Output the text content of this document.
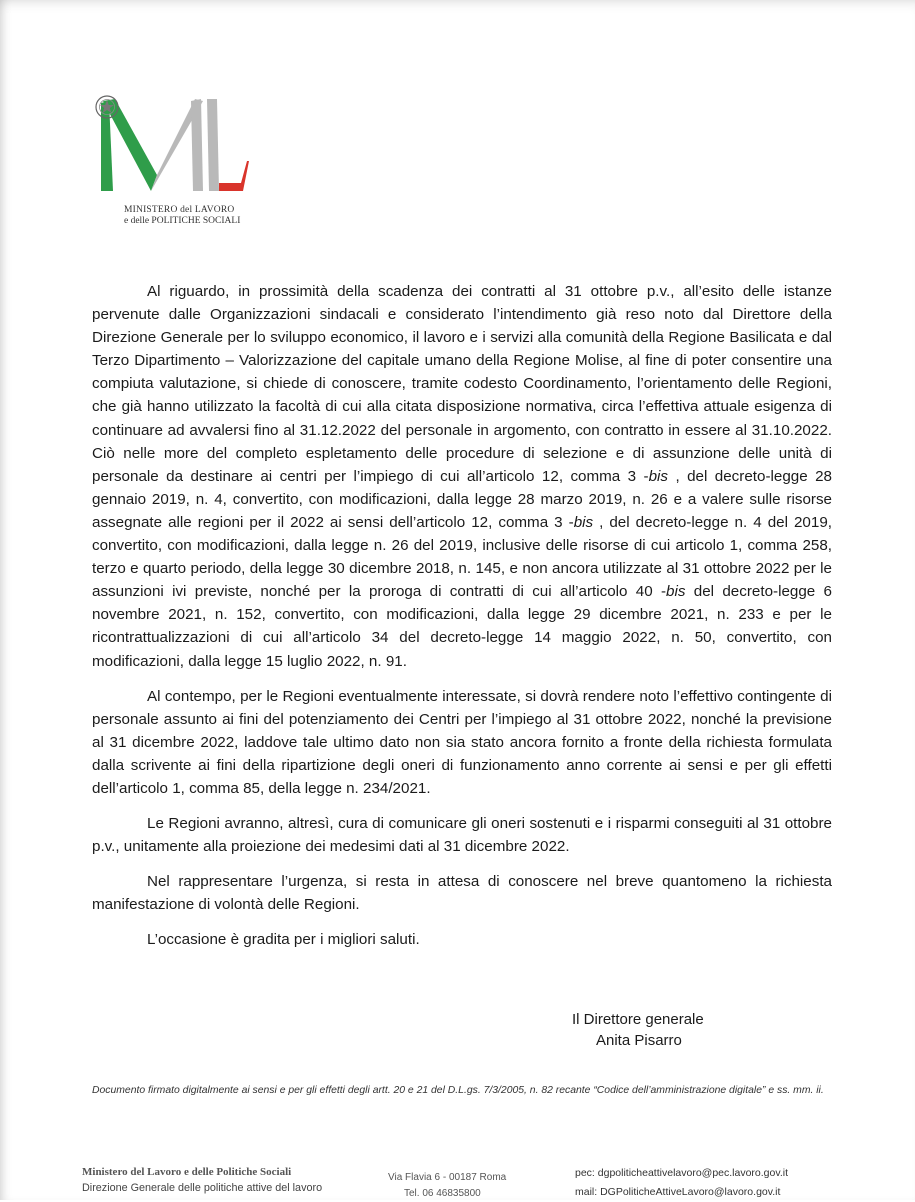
MINISTERO del LAVORO
e delle POLITICHE SOCIALI

Al riguardo, in prossimità della scadenza dei contratti al 31 ottobre p.v., all’esito delle istanze pervenute dalle Organizzazioni sindacali e considerato l’intendimento già reso noto dal Direttore della Direzione Generale per lo sviluppo economico, il lavoro e i servizi alla comunità della Regione Basilicata e dal Terzo Dipartimento – Valorizzazione del capitale umano della Regione Molise, al fine di poter consentire una compiuta valutazione, si chiede di conoscere, tramite codesto Coordinamento, l’orientamento delle Regioni, che già hanno utilizzato la facoltà di cui alla citata disposizione normativa, circa l’effettiva attuale esigenza di continuare ad avvalersi fino al 31.12.2022 del personale in argomento, con contratto in essere al 31.10.2022. Ciò nelle more del completo espletamento delle procedure di selezione e di assunzione delle unità di personale da destinare ai centri per l’impiego di cui all’articolo 12, comma 3 -bis , del decreto-legge 28 gennaio 2019, n. 4, convertito, con modificazioni, dalla legge 28 marzo 2019, n. 26 e a valere sulle risorse assegnate alle regioni per il 2022 ai sensi dell’articolo 12, comma 3 -bis , del decreto-legge n. 4 del 2019, convertito, con modificazioni, dalla legge n. 26 del 2019, inclusive delle risorse di cui articolo 1, comma 258, terzo e quarto periodo, della legge 30 dicembre 2018, n. 145, e non ancora utilizzate al 31 ottobre 2022 per le assunzioni ivi previste, nonché per la proroga di contratti di cui all’articolo 40 -bis del decreto-legge 6 novembre 2021, n. 152, convertito, con modificazioni, dalla legge 29 dicembre 2021, n. 233 e per le ricontrattualizzazioni di cui all’articolo 34 del decreto-legge 14 maggio 2022, n. 50, convertito, con modificazioni, dalla legge 15 luglio 2022, n. 91.

Al contempo, per le Regioni eventualmente interessate, si dovrà rendere noto l’effettivo contingente di personale assunto ai fini del potenziamento dei Centri per l’impiego al 31 ottobre 2022, nonché la previsione al 31 dicembre 2022, laddove tale ultimo dato non sia stato ancora fornito a fronte della richiesta formulata dalla scrivente ai fini della ripartizione degli oneri di funzionamento anno corrente ai sensi e per gli effetti dell’articolo 1, comma 85, della legge n. 234/2021.

Le Regioni avranno, altresì, cura di comunicare gli oneri sostenuti e i risparmi conseguiti al 31 ottobre p.v., unitamente alla proiezione dei medesimi dati al 31 dicembre 2022.

Nel rappresentare l’urgenza, si resta in attesa di conoscere nel breve quantomeno la richiesta manifestazione di volontà delle Regioni.

L’occasione è gradita per i migliori saluti.

Il Direttore generale
Anita Pisarro
Documento firmato digitalmente ai sensi e per gli effetti degli artt. 20 e 21 del D.L.gs. 7/3/2005, n. 82 recante “Codice dell’amministrazione digitale” e ss. mm. ii.
Ministero del Lavoro e delle Politiche Sociali
Direzione Generale delle politiche attive del lavoro
Via Flavia 6 - 00187 Roma
Tel. 06 46835800
pec: dgpoliticheattivelavoro@pec.lavoro.gov.it
mail: DGPoliticheAttiveLavoro@lavoro.gov.it
